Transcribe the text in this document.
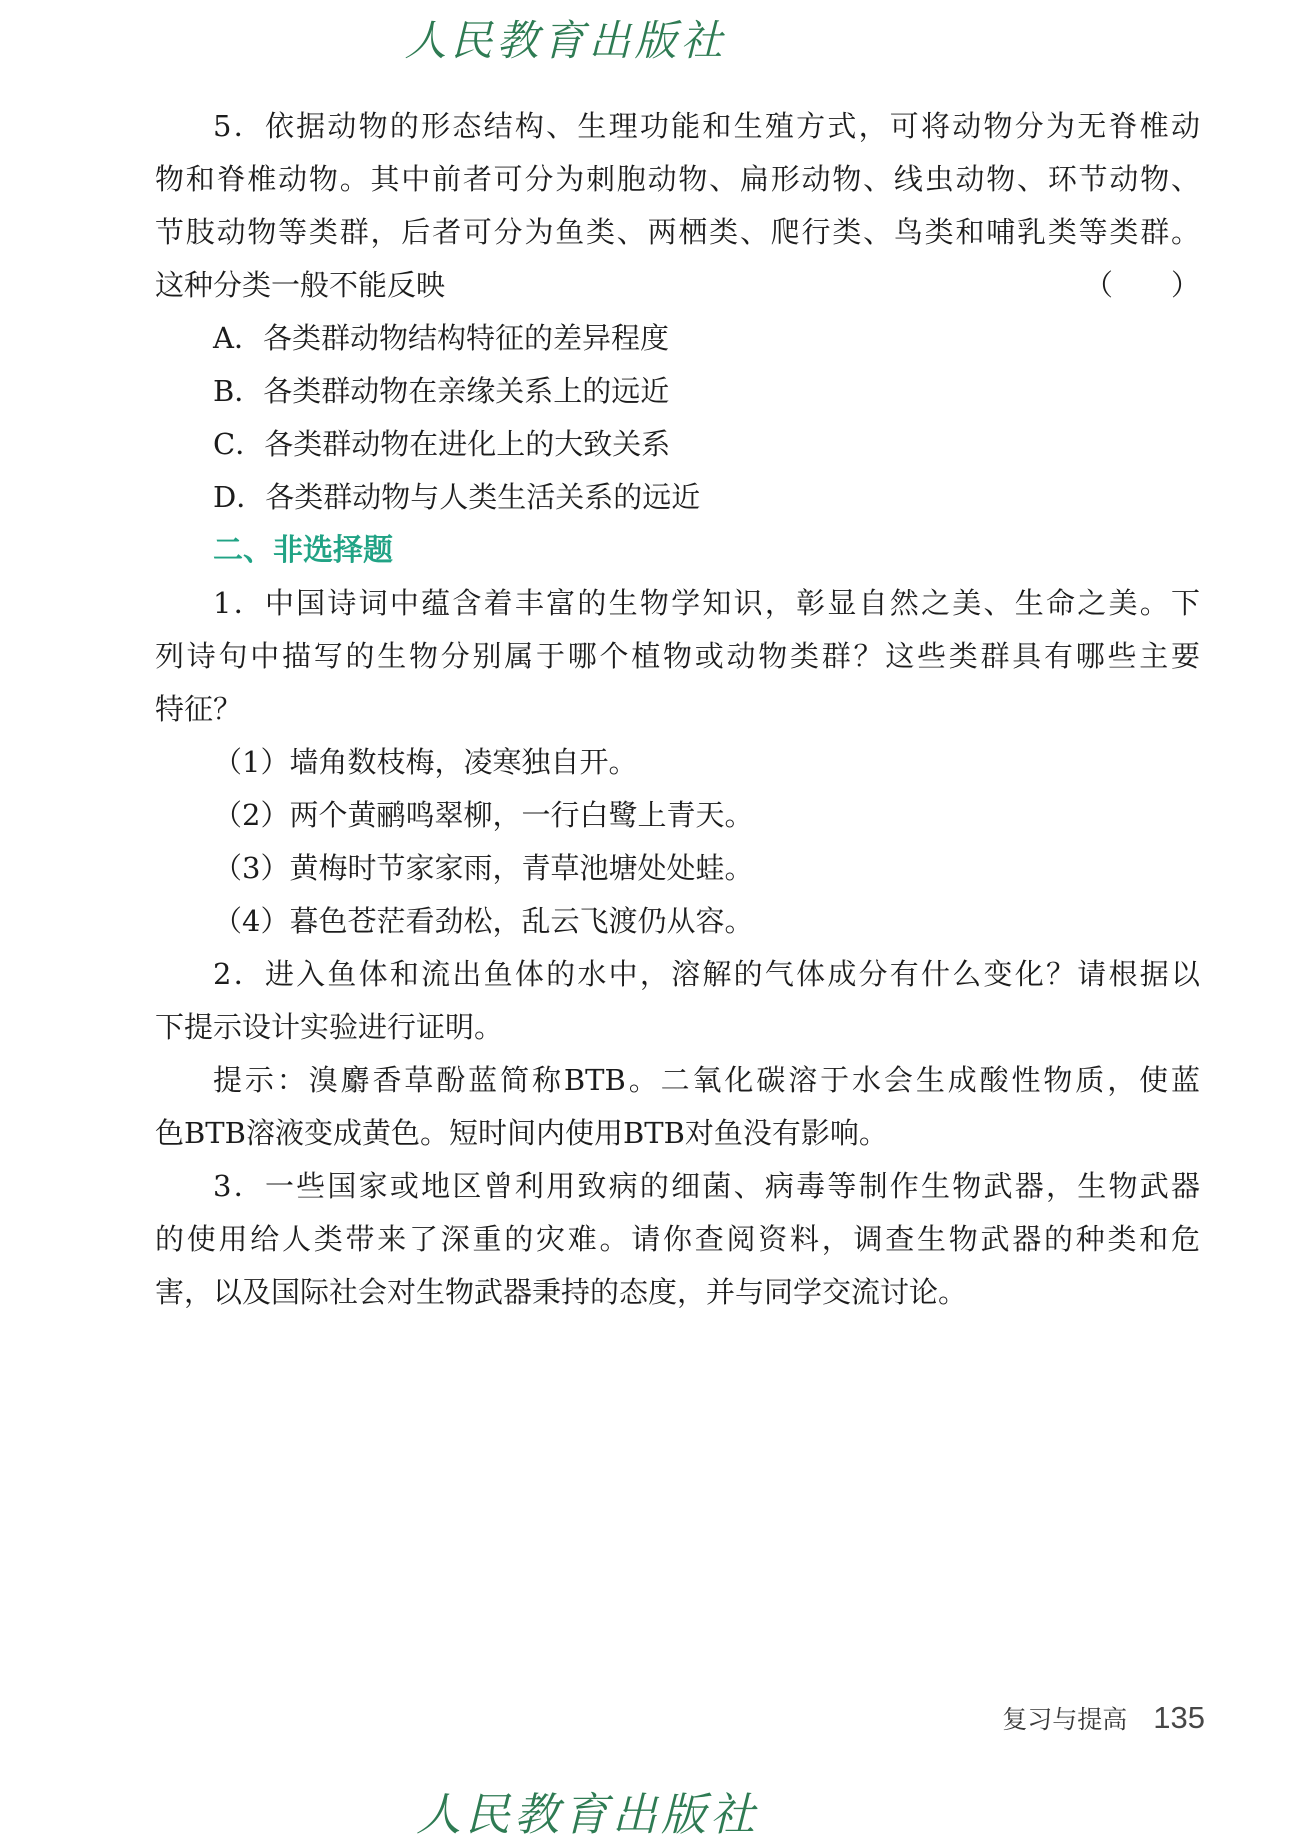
人民教育出版社

5．依据动物的形态结构、生理功能和生殖方式，可将动物分为无脊椎动

物和脊椎动物。其中前者可分为刺胞动物、扁形动物、线虫动物、环节动物、

节肢动物等类群，后者可分为鱼类、两栖类、爬行类、鸟类和哺乳类等类群。

这种分类一般不能反映	（　　）

A．各类群动物结构特征的差异程度

B．各类群动物在亲缘关系上的远近

C．各类群动物在进化上的大致关系

D．各类群动物与人类生活关系的远近

二、非选择题

1．中国诗词中蕴含着丰富的生物学知识，彰显自然之美、生命之美。下

列诗句中描写的生物分别属于哪个植物或动物类群？这些类群具有哪些主要

特征？

（1）墙角数枝梅，凌寒独自开。

（2）两个黄鹂鸣翠柳，一行白鹭上青天。

（3）黄梅时节家家雨，青草池塘处处蛙。

（4）暮色苍茫看劲松，乱云飞渡仍从容。

2．进入鱼体和流出鱼体的水中，溶解的气体成分有什么变化？请根据以

下提示设计实验进行证明。

提示：溴麝香草酚蓝简称BTB。二氧化碳溶于水会生成酸性物质，使蓝

色BTB溶液变成黄色。短时间内使用BTB对鱼没有影响。

3．一些国家或地区曾利用致病的细菌、病毒等制作生物武器，生物武器

的使用给人类带来了深重的灾难。请你查阅资料，调查生物武器的种类和危

害，以及国际社会对生物武器秉持的态度，并与同学交流讨论。

复习与提高 135
人民教育出版社
